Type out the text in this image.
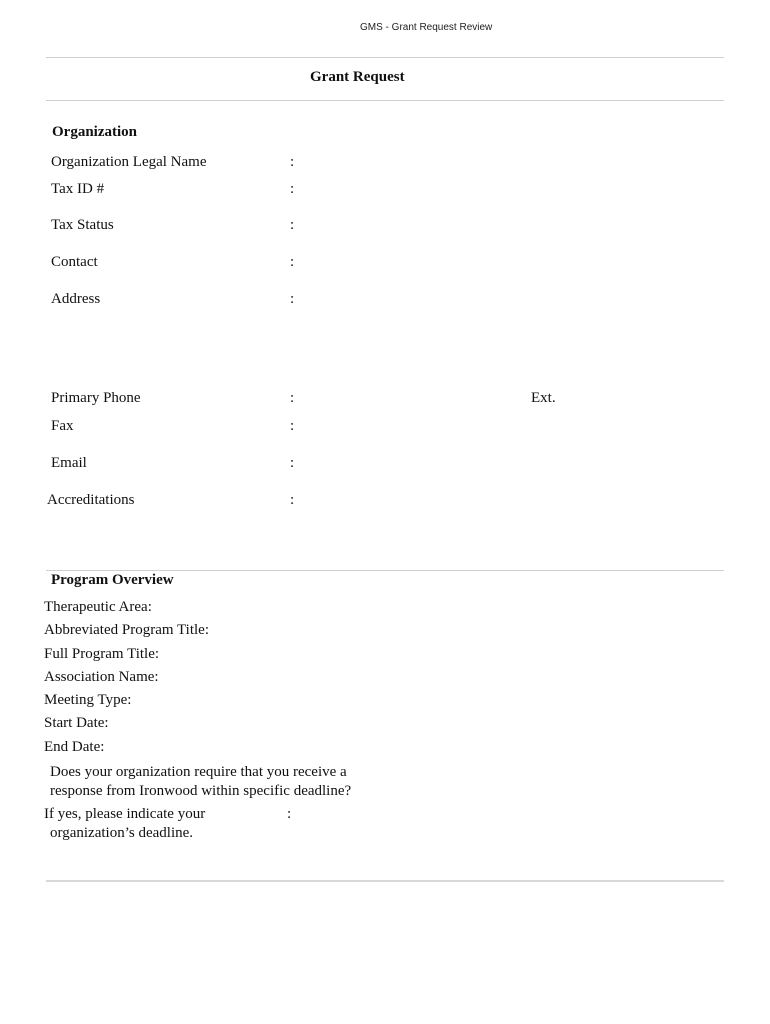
GMS - Grant Request Review
Grant Request
Organization
Organization Legal Name	:
Tax ID #	:
Tax Status	:
Contact	:
Address	:
Primary Phone	:	Ext.
Fax	:
Email	:
Accreditations	:
Program Overview
Therapeutic Area:
Abbreviated Program Title:
Full Program Title:
Association Name:
Meeting Type:
Start Date:
End Date:
Does your organization require that you receive a
response from Ironwood within specific deadline?
If yes, please indicate your	:
organization’s deadline.
